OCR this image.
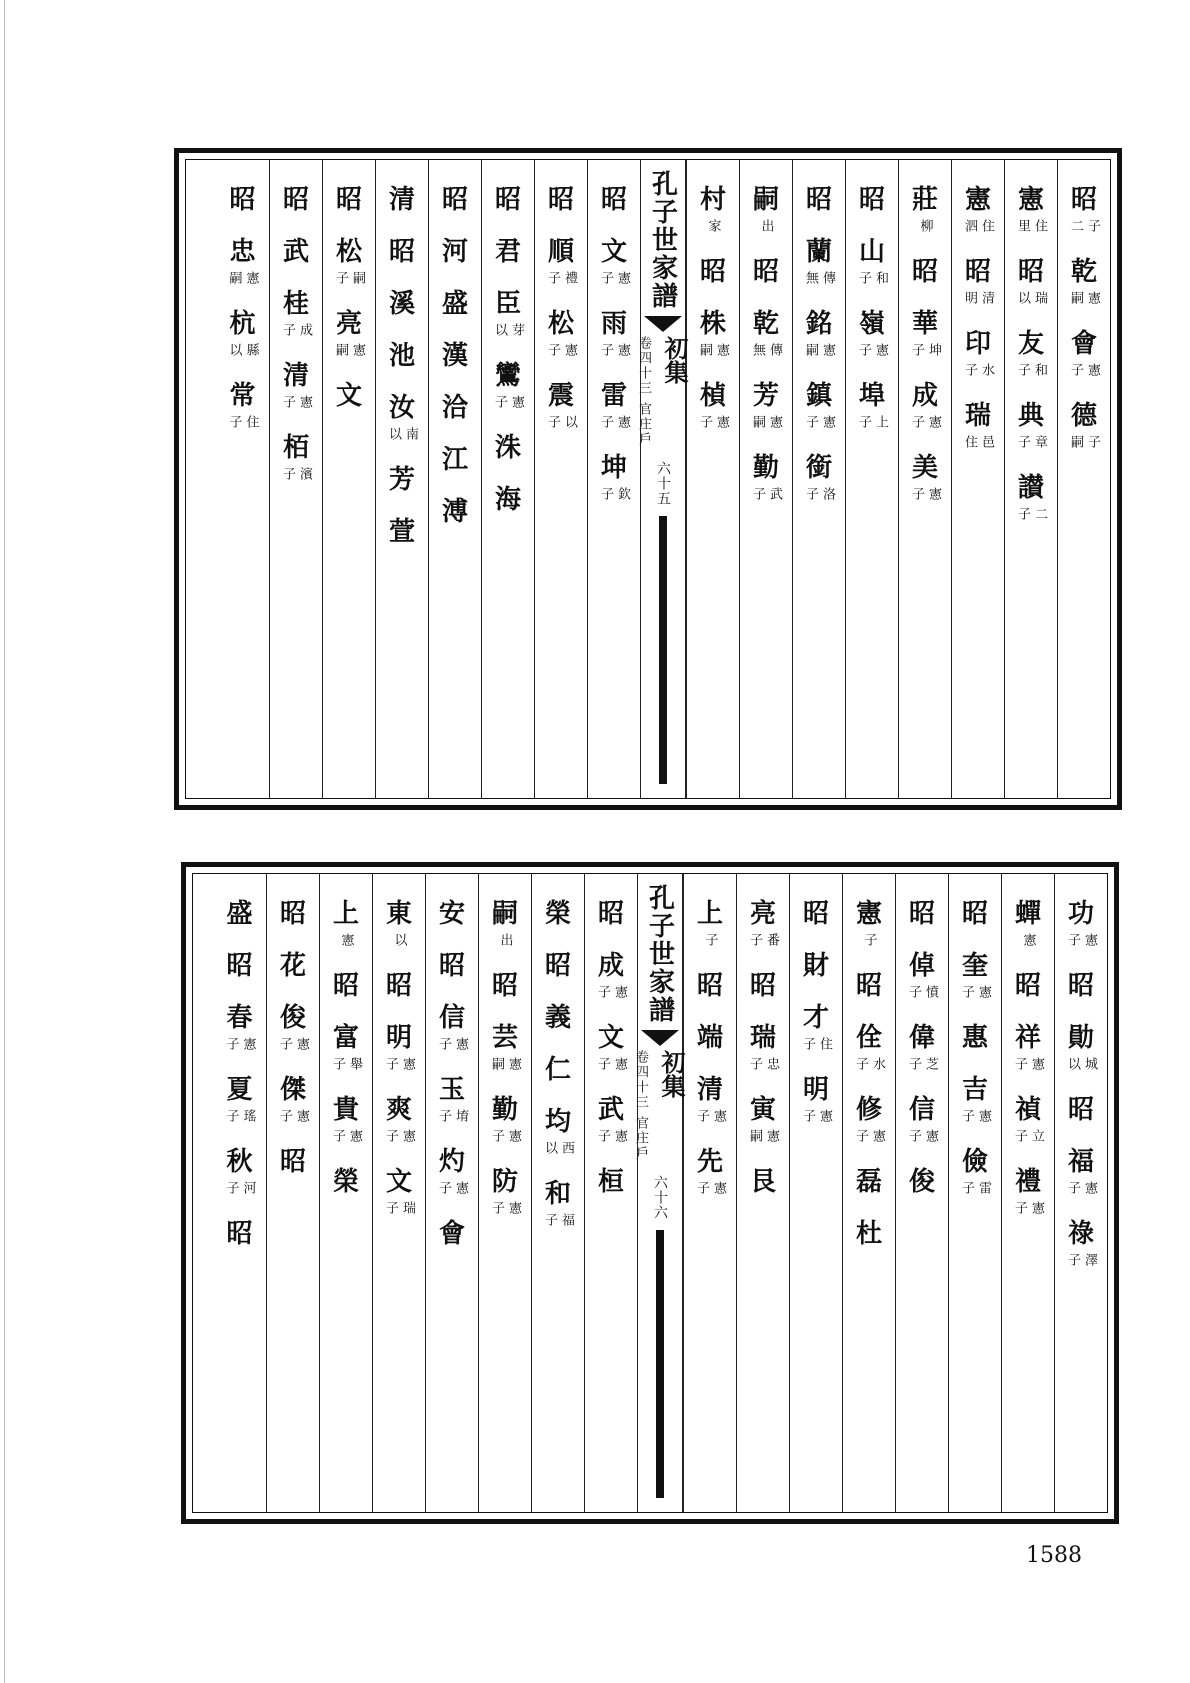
昭
子
二
乾
憲
嗣
會
憲
子
德
子
嗣
憲
住
里
昭
瑞
以
友
和
子
典
章
子
讃
二
子
憲
住
泗
昭
清
明
印
水
子
瑞
邑
住
莊
柳
昭
華
坤
子
成
憲
子
美
憲
子
昭
山
和
子
嶺
憲
子
埠
上
子
昭
蘭
傳
無
銘
憲
嗣
鎮
憲
子
銜
洛
子
嗣
出
昭
乾
傳
無
芳
憲
嗣
勤
武
子
村
家
昭
株
憲
嗣
楨
憲
子
孔子世家譜
初集
卷四十三 官庄戶
六十五
昭
文
憲
子
雨
憲
子
雷
憲
子
坤
欽
子
昭
順
禮
子
松
憲
子
震
以
子
昭
君
臣
芽
以
鸞
憲
子
洙
海
昭
河
盛
漢
洽
江
溥
清
昭
溪
池
汝
南
以
芳
萱
昭
松
嗣
子
亮
憲
嗣
文
昭
武
桂
成
子
清
憲
子
栢
濱
子
昭
忠
憲
嗣
杭
縣
以
常
住
子
功
憲
子
昭
勛
城
以
昭
福
憲
子
祿
澤
子
蟬
憲
昭
祥
憲
子
禎
立
子
禮
憲
子
昭
奎
憲
子
惠
吉
憲
子
儉
雷
子
昭
倬
憤
子
偉
芝
子
信
憲
子
俊
憲
子
昭
佺
水
子
修
憲
子
磊
杜
昭
財
才
住
子
明
憲
子
亮
番
子
昭
瑞
忠
子
寅
憲
嗣
艮
上
子
昭
端
清
憲
子
先
憲
子
孔子世家譜
初集
卷四十三 官庄戶
六十六
昭
成
憲
子
文
憲
子
武
憲
子
桓
榮
昭
義
仁
均
西
以
和
福
子
嗣
出
昭
芸
憲
嗣
勤
憲
子
防
憲
子
安
昭
信
憲
子
玉
堉
子
灼
憲
子
會
東
以
昭
明
憲
子
爽
憲
子
文
瑞
子
上
憲
昭
富
舉
子
貴
憲
子
榮
昭
花
俊
憲
子
傑
憲
子
昭
盛
昭
春
憲
子
夏
瑤
子
秋
河
子
昭
1588
